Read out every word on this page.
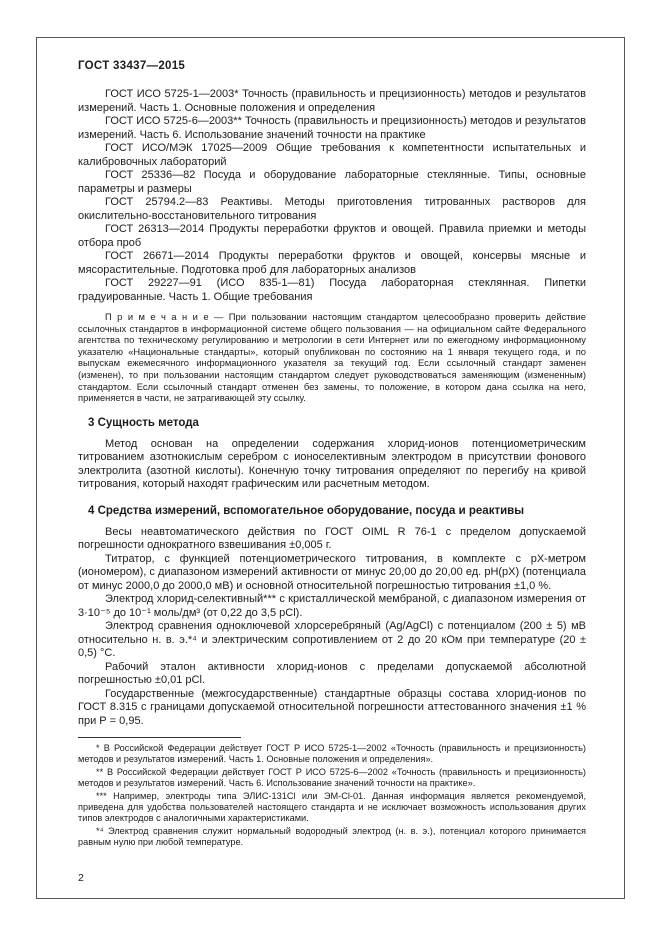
ГОСТ 33437—2015

ГОСТ ИСО 5725-1—2003* Точность (правильность и прецизионность) методов и результатов измерений. Часть 1. Основные положения и определения

ГОСТ ИСО 5725-6—2003** Точность (правильность и прецизионность) методов и результатов измерений. Часть 6. Использование значений точности на практике

ГОСТ ИСО/МЭК 17025—2009 Общие требования к компетентности испытательных и калибровочных лабораторий

ГОСТ 25336—82 Посуда и оборудование лабораторные стеклянные. Типы, основные параметры и размеры

ГОСТ 25794.2—83 Реактивы. Методы приготовления титрованных растворов для окислительно-восстановительного титрования

ГОСТ 26313—2014 Продукты переработки фруктов и овощей. Правила приемки и методы отбора проб

ГОСТ 26671—2014 Продукты переработки фруктов и овощей, консервы мясные и мясорастительные. Подготовка проб для лабораторных анализов

ГОСТ 29227—91 (ИСО 835-1—81) Посуда лабораторная стеклянная. Пипетки градуированные. Часть 1. Общие требования

П р и м е ч а н и е — При пользовании настоящим стандартом целесообразно проверить действие ссылочных стандартов в информационной системе общего пользования — на официальном сайте Федерального агентства по техническому регулированию и метрологии в сети Интернет или по ежегодному информационному указателю «Национальные стандарты», который опубликован по состоянию на 1 января текущего года, и по выпускам ежемесячного информационного указателя за текущий год. Если ссылочный стандарт заменен (изменен), то при пользовании настоящим стандартом следует руководствоваться заменяющим (измененным) стандартом. Если ссылочный стандарт отменен без замены, то положение, в котором дана ссылка на него, применяется в части, не затрагивающей эту ссылку.

3 Сущность метода

Метод основан на определении содержания хлорид-ионов потенциометрическим титрованием азотнокислым серебром с ионоселективным электродом в присутствии фонового электролита (азотной кислоты). Конечную точку титрования определяют по перегибу на кривой титрования, который находят графическим или расчетным методом.

4 Средства измерений, вспомогательное оборудование, посуда и реактивы

Весы неавтоматического действия по ГОСТ OIML R 76-1 с пределом допускаемой погрешности однократного взвешивания ±0,005 г.

Титратор, с функцией потенциометрического титрования, в комплекте с рХ-метром (иономером), с диапазоном измерений активности от минус 20,00 до 20,00 ед. рН(рХ) (потенциала от минус 2000,0 до 2000,0 мВ) и основной относительной погрешностью титрования ±1,0 %.

Электрод хлорид-селективный*** с кристаллической мембраной, с диапазоном измерения от 3·10⁻⁵ до 10⁻¹ моль/дм³ (от 0,22 до 3,5 pCl).

Электрод сравнения одноключевой хлорсеребряный (Ag/AgCl) с потенциалом (200 ± 5) мВ относительно н. в. э.*⁴ и электрическим сопротивлением от 2 до 20 кОм при температуре (20 ± 0,5) °С.

Рабочий эталон активности хлорид-ионов с пределами допускаемой абсолютной погрешностью ±0,01 pCl.

Государственные (межгосударственные) стандартные образцы состава хлорид-ионов по ГОСТ 8.315 с границами допускаемой относительной погрешности аттестованного значения ±1 % при Р = 0,95.

* В Российской Федерации действует ГОСТ Р ИСО 5725-1—2002 «Точность (правильность и прецизионность) методов и результатов измерений. Часть 1. Основные положения и определения».

** В Российской Федерации действует ГОСТ Р ИСО 5725-6—2002 «Точность (правильность и прецизионность) методов и результатов измерений. Часть 6. Использование значений точности на практике».

*** Например, электроды типа ЭЛИС-131Cl или ЭМ-Cl-01. Данная информация является рекомендуемой, приведена для удобства пользователей настоящего стандарта и не исключает возможность использования других типов электродов с аналогичными характеристиками.

*⁴ Электрод сравнения служит нормальный водородный электрод (н. в. э.), потенциал которого принимается равным нулю при любой температуре.

2
